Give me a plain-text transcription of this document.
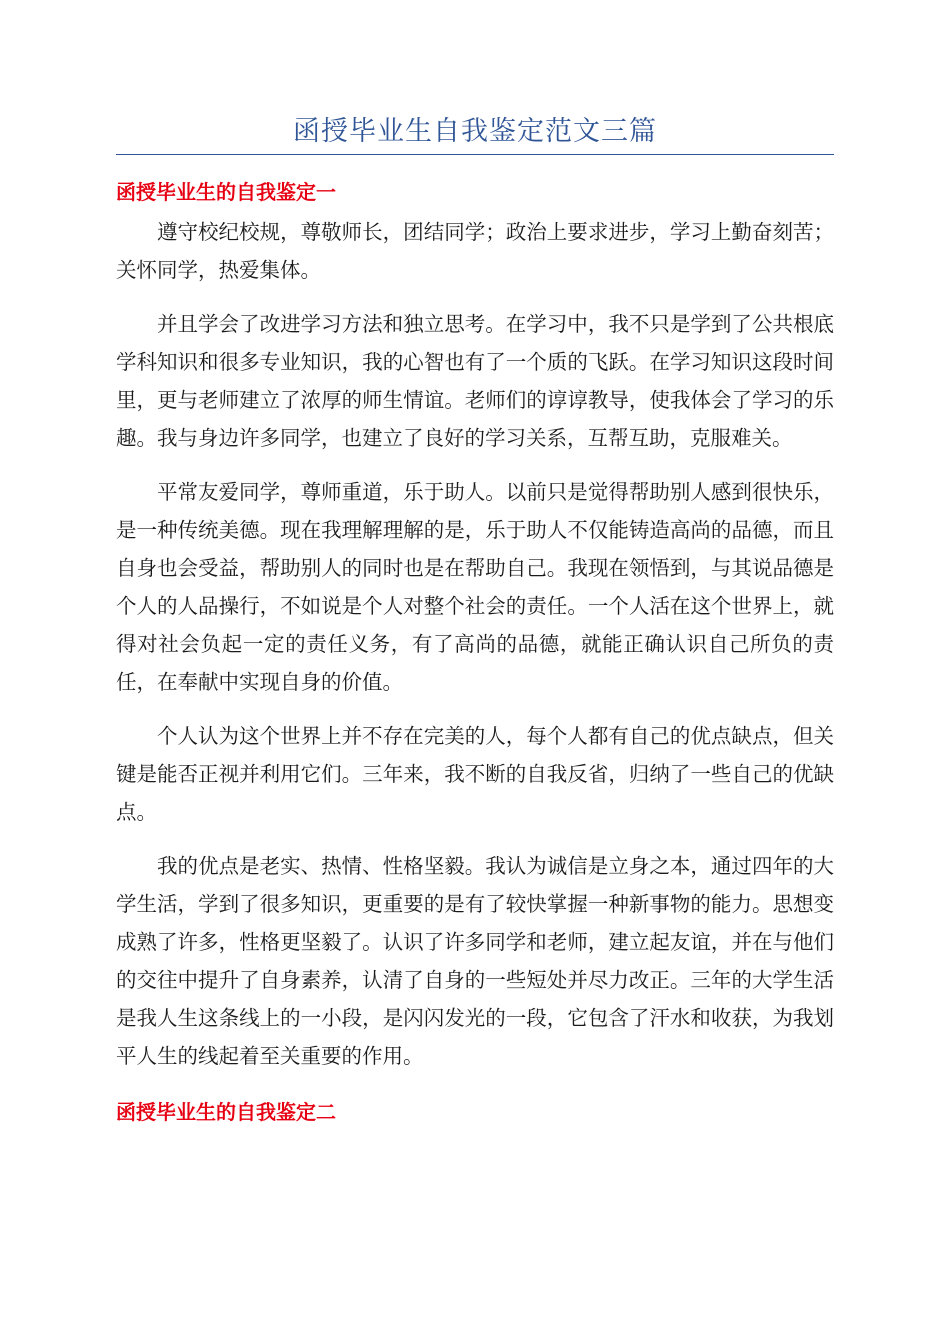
函授毕业生自我鉴定范文三篇
函授毕业生的自我鉴定一

遵守校纪校规，尊敬师长，团结同学；政治上要求进步，学习上勤奋刻苦；关怀同学，热爱集体。

并且学会了改进学习方法和独立思考。在学习中，我不只是学到了公共根底学科知识和很多专业知识，我的心智也有了一个质的飞跃。在学习知识这段时间里，更与老师建立了浓厚的师生情谊。老师们的谆谆教导，使我体会了学习的乐趣。我与身边许多同学，也建立了良好的学习关系，互帮互助，克服难关。

平常友爱同学，尊师重道，乐于助人。以前只是觉得帮助别人感到很快乐，是一种传统美德。现在我理解理解的是，乐于助人不仅能铸造高尚的品德，而且自身也会受益，帮助别人的同时也是在帮助自己。我现在领悟到，与其说品德是个人的人品操行，不如说是个人对整个社会的责任。一个人活在这个世界上，就得对社会负起一定的责任义务，有了高尚的品德，就能正确认识自己所负的责任，在奉献中实现自身的价值。

个人认为这个世界上并不存在完美的人，每个人都有自己的优点缺点，但关键是能否正视并利用它们。三年来，我不断的自我反省，归纳了一些自己的优缺点。

我的优点是老实、热情、性格坚毅。我认为诚信是立身之本，通过四年的大学生活，学到了很多知识，更重要的是有了较快掌握一种新事物的能力。思想变成熟了许多，性格更坚毅了。认识了许多同学和老师，建立起友谊，并在与他们的交往中提升了自身素养，认清了自身的一些短处并尽力改正。三年的大学生活是我人生这条线上的一小段，是闪闪发光的一段，它包含了汗水和收获，为我划平人生的线起着至关重要的作用。

函授毕业生的自我鉴定二
